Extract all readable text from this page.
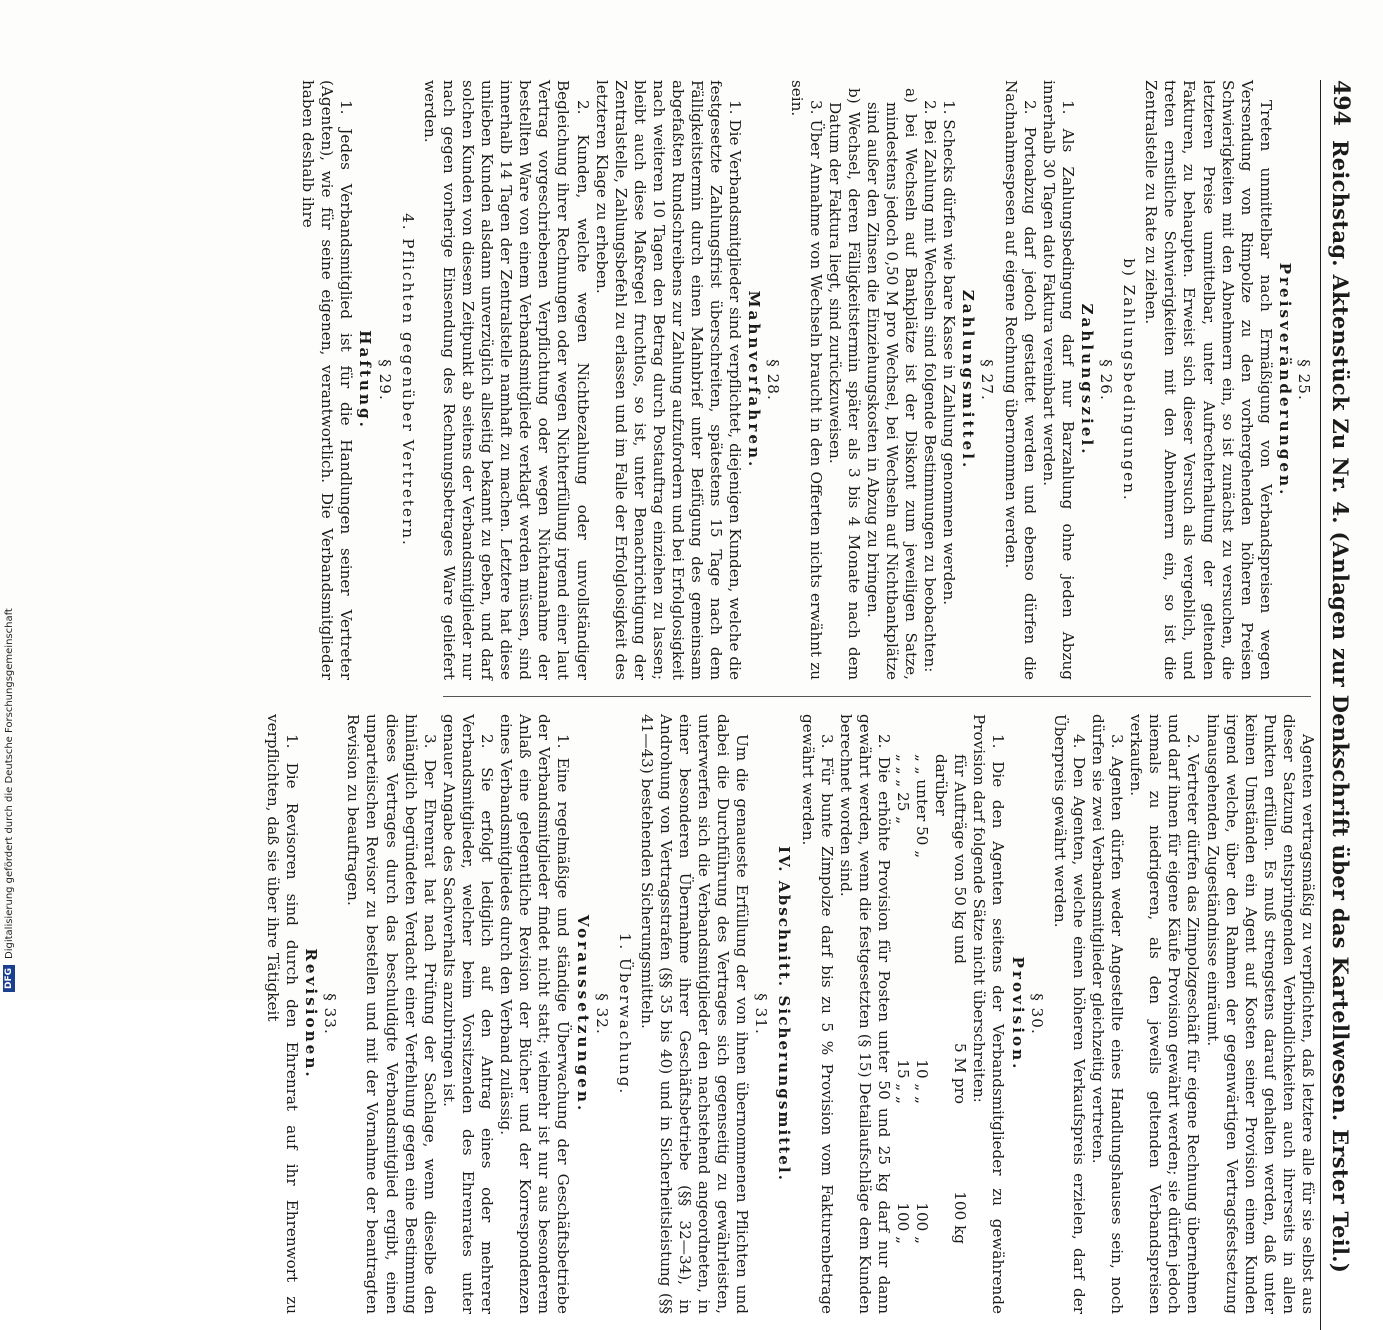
494
Reichstag. Aktenstück Zu Nr. 4. (Anlagen zur Denkschrift über das Kartellwesen. Erster Teil.)
§ 25.
Preisveränderungen.

Treten unmittelbar nach Ermäßigung von Verbandspreisen wegen Versendung von Rimpolze zu den vorhergehenden höheren Preisen Schwierigkeiten mit den Abnehmern ein, so ist zunächst zu versuchen, die letzteren Preise unmittelbar, unter Aufrechterhaltung der geltenden Fakturen, zu behaupten. Erweist sich dieser Versuch als vergeblich, und treten ernstliche Schwierigkeiten mit den Abnehmern ein, so ist die Zentralstelle zu Rate zu ziehen.

b) Zahlungsbedingungen.
§ 26.
Zahlungsziel.

1. Als Zahlungsbedingung darf nur Barzahlung ohne jeden Abzug innerhalb 30 Tagen dato Faktura vereinbart werden.

2. Portoabzug darf jedoch gestattet werden und ebenso dürfen die Nachnahmespesen auf eigene Rechnung übernommen werden.

§ 27.
Zahlungsmittel.

1. Schecks dürfen wie bare Kasse in Zahlung genommen werden.

2. Bei Zahlung mit Wechseln sind folgende Bestimmungen zu beobachten:

a) bei Wechseln auf Bankplätze ist der Diskont zum jeweiligen Satze, mindestens jedoch 0,50 M pro Wechsel, bei Wechseln auf Nichtbankplätze sind außer den Zinsen die Einziehungskosten in Abzug zu bringen.

b) Wechsel, deren Fälligkeitstermin später als 3 bis 4 Monate nach dem Datum der Faktura liegt, sind zurückzuweisen.

3. Über Annahme von Wechseln braucht in den Offerten nichts erwähnt zu sein.

§ 28.
Mahnverfahren.

1. Die Verbandsmitglieder sind verpflichtet, diejenigen Kunden, welche die festgesetzte Zahlungsfrist überschreiten, spätestens 15 Tage nach dem Fälligkeitstermin durch einen Mahnbrief unter Beifügung des gemeinsam abgefaßten Rundschreibens zur Zahlung aufzufordern und bei Erfolglosigkeit nach weiteren 10 Tagen den Betrag durch Postauftrag einziehen zu lassen; bleibt auch diese Maßregel fruchtlos, so ist, unter Benachrichtigung der Zentralstelle, Zahlungsbefehl zu erlassen und im Falle der Erfolglosigkeit des letzteren Klage zu erheben.

2. Kunden, welche wegen Nichtbezahlung oder unvollständiger Begleichung ihrer Rechnungen oder wegen Nichterfüllung irgend einer laut Vertrag vorgeschriebenen Verpflichtung oder wegen Nichtannahme der bestellten Ware von einem Verbandsmitgliede verklagt werden müssen, sind innerhalb 14 Tagen der Zentralstelle namhaft zu machen. Letztere hat diese unlieben Kunden alsdann unverzüglich allseitig bekannt zu geben, und darf solchen Kunden von diesem Zeitpunkt ab seitens der Verbandsmitglieder nur nach gegen vorherige Einsendung des Rechnungsbetrages Ware geliefert werden.

4. Pflichten gegenüber Vertretern.
§ 29.
Haftung.

1. Jedes Verbandsmitglied ist für die Handlungen seiner Vertreter (Agenten), wie für seine eigenen, verantwortlich. Die Verbandsmitglieder haben deshalb ihre

Agenten vertragsmäßig zu verpflichten, daß letztere alle für sie selbst aus dieser Satzung entspringenden Verbindlichkeiten auch ihrerseits in allen Punkten erfüllen. Es muß strengstens darauf gehalten werden, daß unter keinen Umständen ein Agent auf Kosten seiner Provision einem Kunden irgend welche, über den Rahmen der gegenwärtigen Vertragsfestsetzung hinausgehenden Zugeständnisse einräumt.

2. Vertreter dürfen das Zimpolzgeschäft für eigene Rechnung übernehmen und darf ihnen für eigene Käufe Provision gewährt werden; sie dürfen jedoch niemals zu niedrigeren, als den jeweils geltenden Verbandspreisen verkaufen.

3. Agenten dürfen weder Angestellte eines Handlungshauses sein, noch dürfen sie zwei Verbandsmitglieder gleichzeitig vertreten.

4. Den Agenten, welche einen höheren Verkaufspreis erzielen, darf der Überpreis gewährt werden.

§ 30.
Provision.

1. Die den Agenten seitens der Verbandsmitglieder zu gewährende Provision darf folgende Sätze nicht überschreiten:

für Aufträge von 50 kg und darüber
5 M pro
100 kg
„ „ unter 50 „
10 „ „
100 „
„ „ „ 25 „
15 „ „
100 „

2. Die erhöhte Provision für Posten unter 50 und 25 kg darf nur dann gewährt werden, wenn die festgesetzten (§ 15) Detailaufschläge dem Kunden berechnet worden sind.

3. Für bunte Zimpolze darf bis zu 5 % Provision vom Fakturenbetrage gewährt werden.

IV. Abschnitt. Sicherungsmittel.
§ 31.

Um die genaueste Erfüllung der von ihnen übernommenen Pflichten und dabei die Durchführung des Vertrages sich gegenseitig zu gewährleisten, unterwerfen sich die Verbandsmitglieder den nachstehend angeordneten, in einer besonderen Übernahme ihrer Geschäftsbetriebe (§§ 32—34), in Androhung von Vertragsstrafen (§§ 35 bis 40) und in Sicherheitsleistung (§§ 41—43) bestehenden Sicherungsmitteln.

1. Überwachung.
§ 32.
Voraussetzungen.

1. Eine regelmäßige und ständige Überwachung der Geschäftsbetriebe der Verbandsmitglieder findet nicht statt; vielmehr ist nur aus besonderem Anlaß eine gelegentliche Revision der Bücher und der Korrespondenzen eines Verbandsmitgliedes durch den Verband zulässig.

2. Sie erfolgt lediglich auf den Antrag eines oder mehrerer Verbandsmitglieder, welcher beim Vorsitzenden des Ehrenrates unter genauer Angabe des Sachverhalts anzubringen ist.

3. Der Ehrenrat hat nach Prüfung der Sachlage, wenn dieselbe den hinlänglich begründeten Verdacht einer Verfehlung gegen eine Bestimmung dieses Vertrages durch das beschuldigte Verbandsmitglied ergibt, einen unparteiischen Revisor zu bestellen und mit der Vornahme der beantragten Revision zu beauftragen.

§ 33.
Revisionen.

1. Die Revisoren sind durch den Ehrenrat auf ihr Ehrenwort zu verpflichten, daß sie über ihre Tätigkeit

DFG
Digitalisierung gefördert durch die Deutsche Forschungsgemeinschaft
